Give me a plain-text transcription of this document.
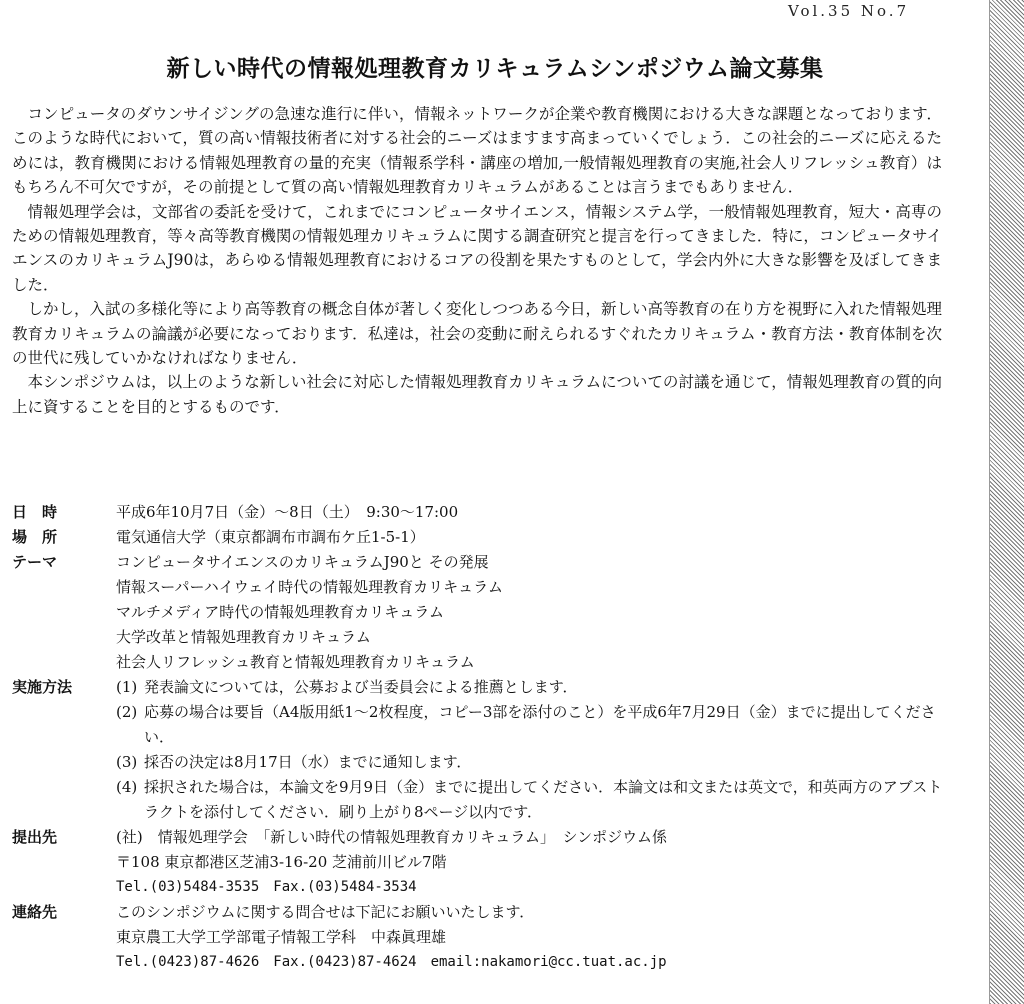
Vol.35 No.7
新しい時代の情報処理教育カリキュラムシンポジウム論文募集

コンピュータのダウンサイジングの急速な進行に伴い，情報ネットワークが企業や教育機関における大きな課題となっております．このような時代において，質の高い情報技術者に対する社会的ニーズはますます高まっていくでしょう．この社会的ニーズに応えるためには，教育機関における情報処理教育の量的充実（情報系学科・講座の増加,一般情報処理教育の実施,社会人リフレッシュ教育）はもちろん不可欠ですが，その前提として質の高い情報処理教育カリキュラムがあることは言うまでもありません．

情報処理学会は，文部省の委託を受けて，これまでにコンピュータサイエンス，情報システム学，一般情報処理教育，短大・高専のための情報処理教育，等々高等教育機関の情報処理カリキュラムに関する調査研究と提言を行ってきました．特に，コンピュータサイエンスのカリキュラムJ90は，あらゆる情報処理教育におけるコアの役割を果たすものとして，学会内外に大きな影響を及ぼしてきました．

しかし，入試の多様化等により高等教育の概念自体が著しく変化しつつある今日，新しい高等教育の在り方を視野に入れた情報処理教育カリキュラムの論議が必要になっております．私達は，社会の変動に耐えられるすぐれたカリキュラム・教育方法・教育体制を次の世代に残していかなければなりません．

本シンポジウムは，以上のような新しい社会に対応した情報処理教育カリキュラムについての討議を通じて，情報処理教育の質的向上に資することを目的とするものです．

日　時	平成6年10月7日（金）～8日（土）　9:30～17:00
場　所	電気通信大学（東京都調布市調布ケ丘1-5-1）
テーマ	コンピュータサイエンスのカリキュラムJ90と その発展
情報スーパーハイウェイ時代の情報処理教育カリキュラム
マルチメディア時代の情報処理教育カリキュラム
大学改革と情報処理教育カリキュラム
社会人リフレッシュ教育と情報処理教育カリキュラム
実施方法	(1) 発表論文については，公募および当委員会による推薦とします．
(2) 応募の場合は要旨（A4版用紙1～2枚程度，コピー3部を添付のこと）を平成6年7月29日（金）までに提出してください．
(3) 採否の決定は8月17日（水）までに通知します．
(4) 採択された場合は，本論文を9月9日（金）までに提出してください．本論文は和文または英文で，和英両方のアブストラクトを添付してください．刷り上がり8ページ以内です．
提出先	(社)　情報処理学会　「新しい時代の情報処理教育カリキュラム」　シンポジウム係
〒108 東京都港区芝浦3-16-20 芝浦前川ビル7階
Tel.(03)5484-3535　Fax.(03)5484-3534
連絡先	このシンポジウムに関する問合せは下記にお願いいたします．
東京農工大学工学部電子情報工学科　中森眞理雄
Tel.(0423)87-4626　Fax.(0423)87-4624　email:nakamori@cc.tuat.ac.jp
